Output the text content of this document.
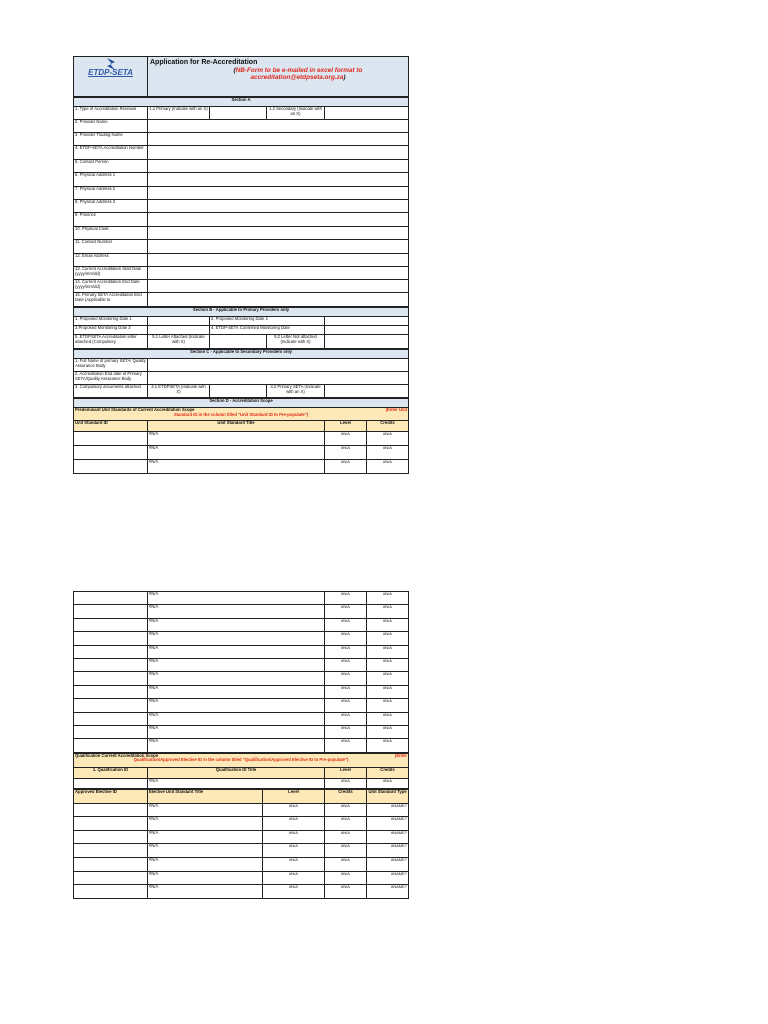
ETDP-SETA

Application for Re-Accreditation
(NB-Form to be e-mailed in excel format to accreditation@etdpseta.org.za)
Section A				
1. Type of Accreditation Renewal	1.1 Primary (Indicate with an X)		1.2 Secondary (Indicate with an X)	
2. Provider Name				
3. Provider Trading Name				
4. ETDP-SETA Accreditation Number				
5. Contact Person				
6. Physical Address 1				
7. Physical Address 2				
8. Physical Address 3				
9. Province				
10. Physical Code				
11. Contact Number				
12. Email Address				
13. Current Accreditation Start Date (yyyy/mm/dd)				
14. Current Accreditation End Date (yyyy/mm/dd)				
15. Primary SETA Accreditation End Date (Applicable to				
Section B - Applicable to Primary Providers only				
1. Proposed Monitoring Date 1		2. Proposed Monitoring Date 2		
3.Proposed Monitoring Date 3		4. ETDP-SETA Confirmed Monitoring Date		
5. ETDPSETA Accreditation letter attached (Compulsory	5.1 Letter Attached (Indicate with X)		5.2 Letter Not attached (Indicate with X)	
Section C - Applicable to Secondary Providers only				
1. Full Name of primary SETA/ Quality Assurance Body				
2. Accreditation End date of Primary SETA/Quality Assurance Body				
3. Compulsory documents attached	3.1 ETDPSETA (Indicate with X)		3.2 Primary SETA (Indicate with an X)	
Section D - Accreditation Scope			

Predominant Unit Standards of Current Accreditation Scope (Enter Unit
Standard ID in the column titled "Unit Standard ID to Pre-populate")			

Unit Standard ID	Unit Standard Title	Level	Credits
	#N/A	#N/A	#N/A
	#N/A	#N/A	#N/A
	#N/A	#N/A	#N/A
	#N/A	#N/A	#N/A
	#N/A	#N/A	#N/A
	#N/A	#N/A	#N/A
	#N/A	#N/A	#N/A
	#N/A	#N/A	#N/A
	#N/A	#N/A	#N/A
	#N/A	#N/A	#N/A
	#N/A	#N/A	#N/A
	#N/A	#N/A	#N/A
	#N/A	#N/A	#N/A
	#N/A	#N/A	#N/A
	#N/A	#N/A	#N/A
Qualification Current Accreditation Scope (Enter
Qualification/Approved Elective ID in the column titled "Qualification/Approved Elective ID to Pre-populate")			

1. Qualification ID	Qualification ID Title	Level	Credits
	#N/A	#N/A	#N/A
Approved Elective ID	Elective Unit Standard Title	Level	Credits	Unit Standard Type
	#N/A	#N/A	#N/A	#NAME?
	#N/A	#N/A	#N/A	#NAME?
	#N/A	#N/A	#N/A	#NAME?
	#N/A	#N/A	#N/A	#NAME?
	#N/A	#N/A	#N/A	#NAME?
	#N/A	#N/A	#N/A	#NAME?
	#N/A	#N/A	#N/A	#NAME?
